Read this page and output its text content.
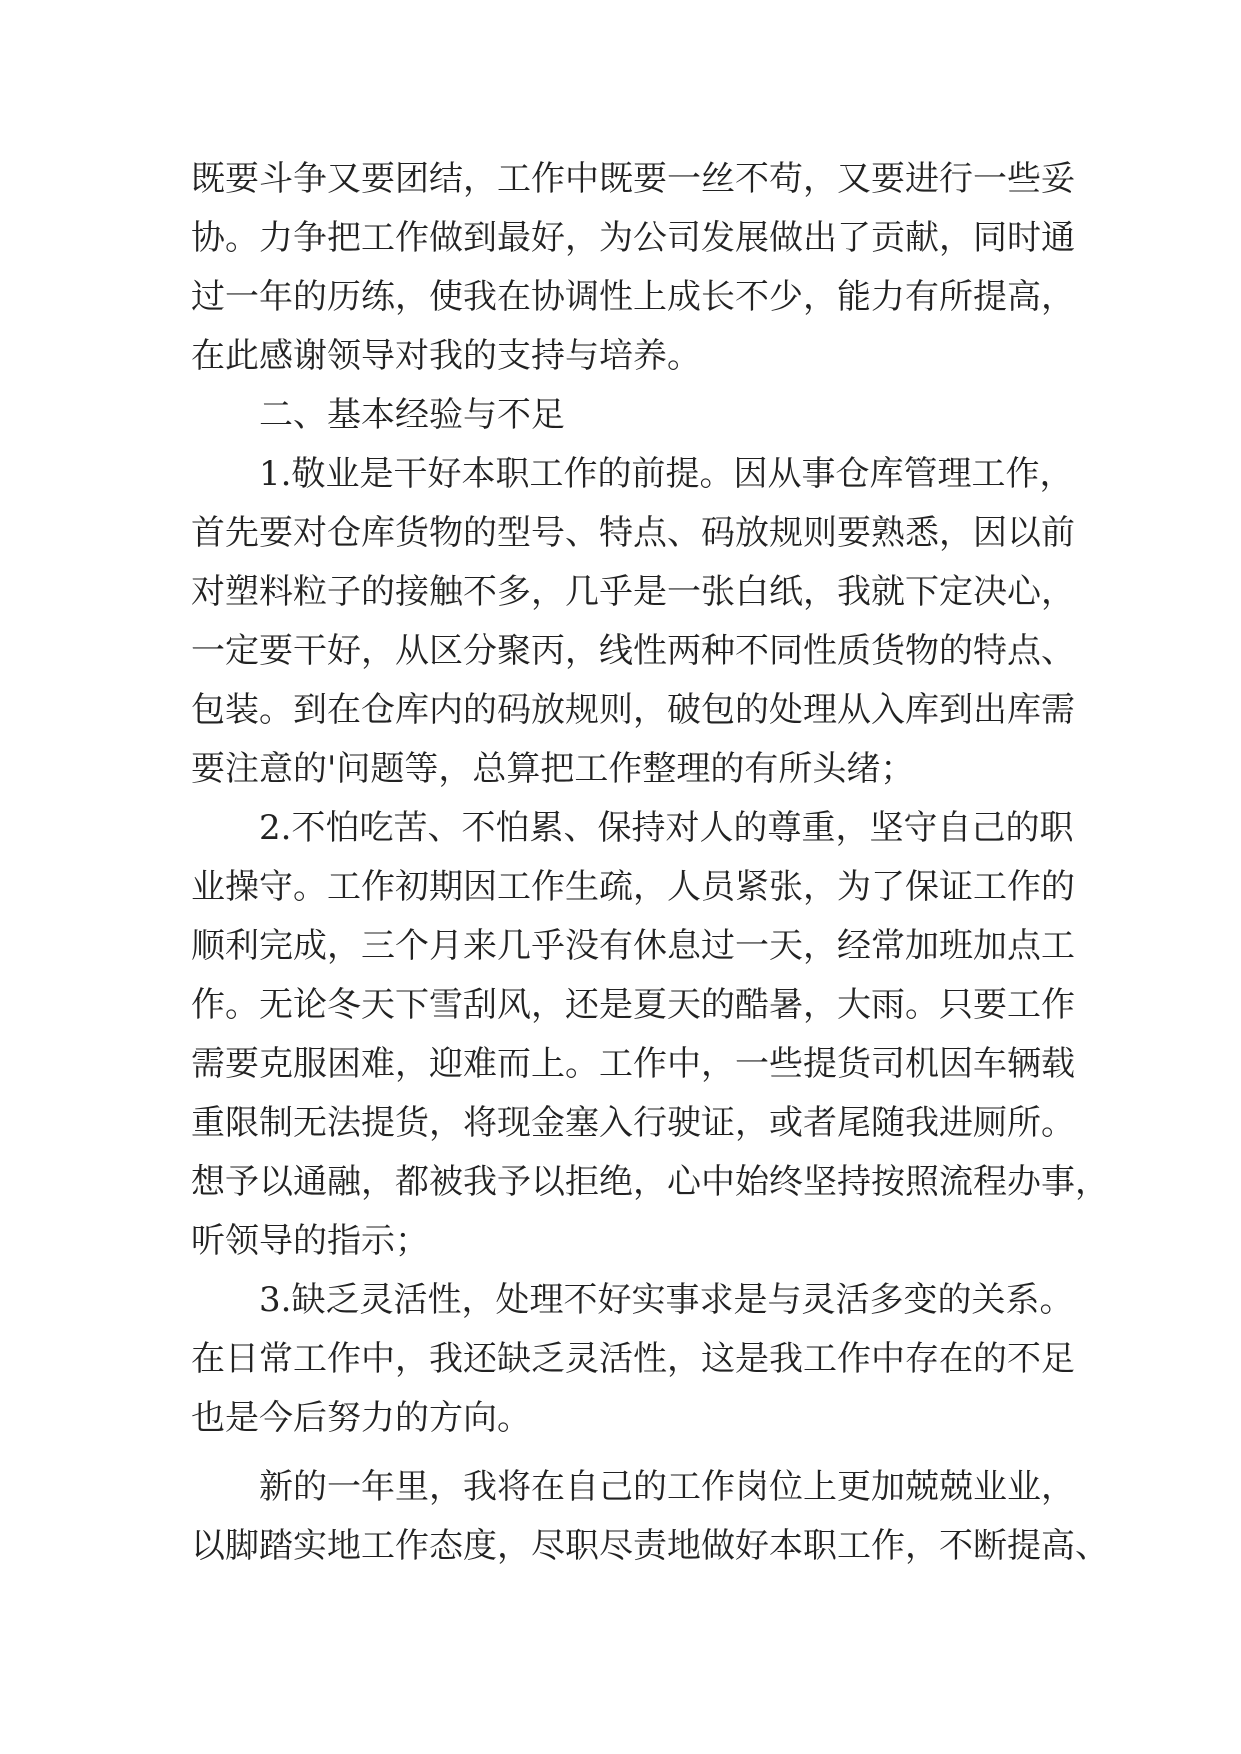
既要斗争又要团结，工作中既要一丝不苟，又要进行一些妥
协。力争把工作做到最好，为公司发展做出了贡献，同时通
过一年的历练，使我在协调性上成长不少，能力有所提高，
在此感谢领导对我的支持与培养。
二、基本经验与不足
1.敬业是干好本职工作的前提。因从事仓库管理工作，
首先要对仓库货物的型号、特点、码放规则要熟悉，因以前
对塑料粒子的接触不多，几乎是一张白纸，我就下定决心，
一定要干好，从区分聚丙，线性两种不同性质货物的特点、
包装。到在仓库内的码放规则，破包的处理从入库到出库需
要注意的'问题等，总算把工作整理的有所头绪；
2.不怕吃苦、不怕累、保持对人的尊重，坚守自己的职
业操守。工作初期因工作生疏，人员紧张，为了保证工作的
顺利完成，三个月来几乎没有休息过一天，经常加班加点工
作。无论冬天下雪刮风，还是夏天的酷暑，大雨。只要工作
需要克服困难，迎难而上。工作中，一些提货司机因车辆载
重限制无法提货，将现金塞入行驶证，或者尾随我进厕所。
想予以通融，都被我予以拒绝，心中始终坚持按照流程办事，
听领导的指示；
3.缺乏灵活性，处理不好实事求是与灵活多变的关系。
在日常工作中，我还缺乏灵活性，这是我工作中存在的不足
也是今后努力的方向。
新的一年里，我将在自己的工作岗位上更加兢兢业业，
以脚踏实地工作态度，尽职尽责地做好本职工作，不断提高、
